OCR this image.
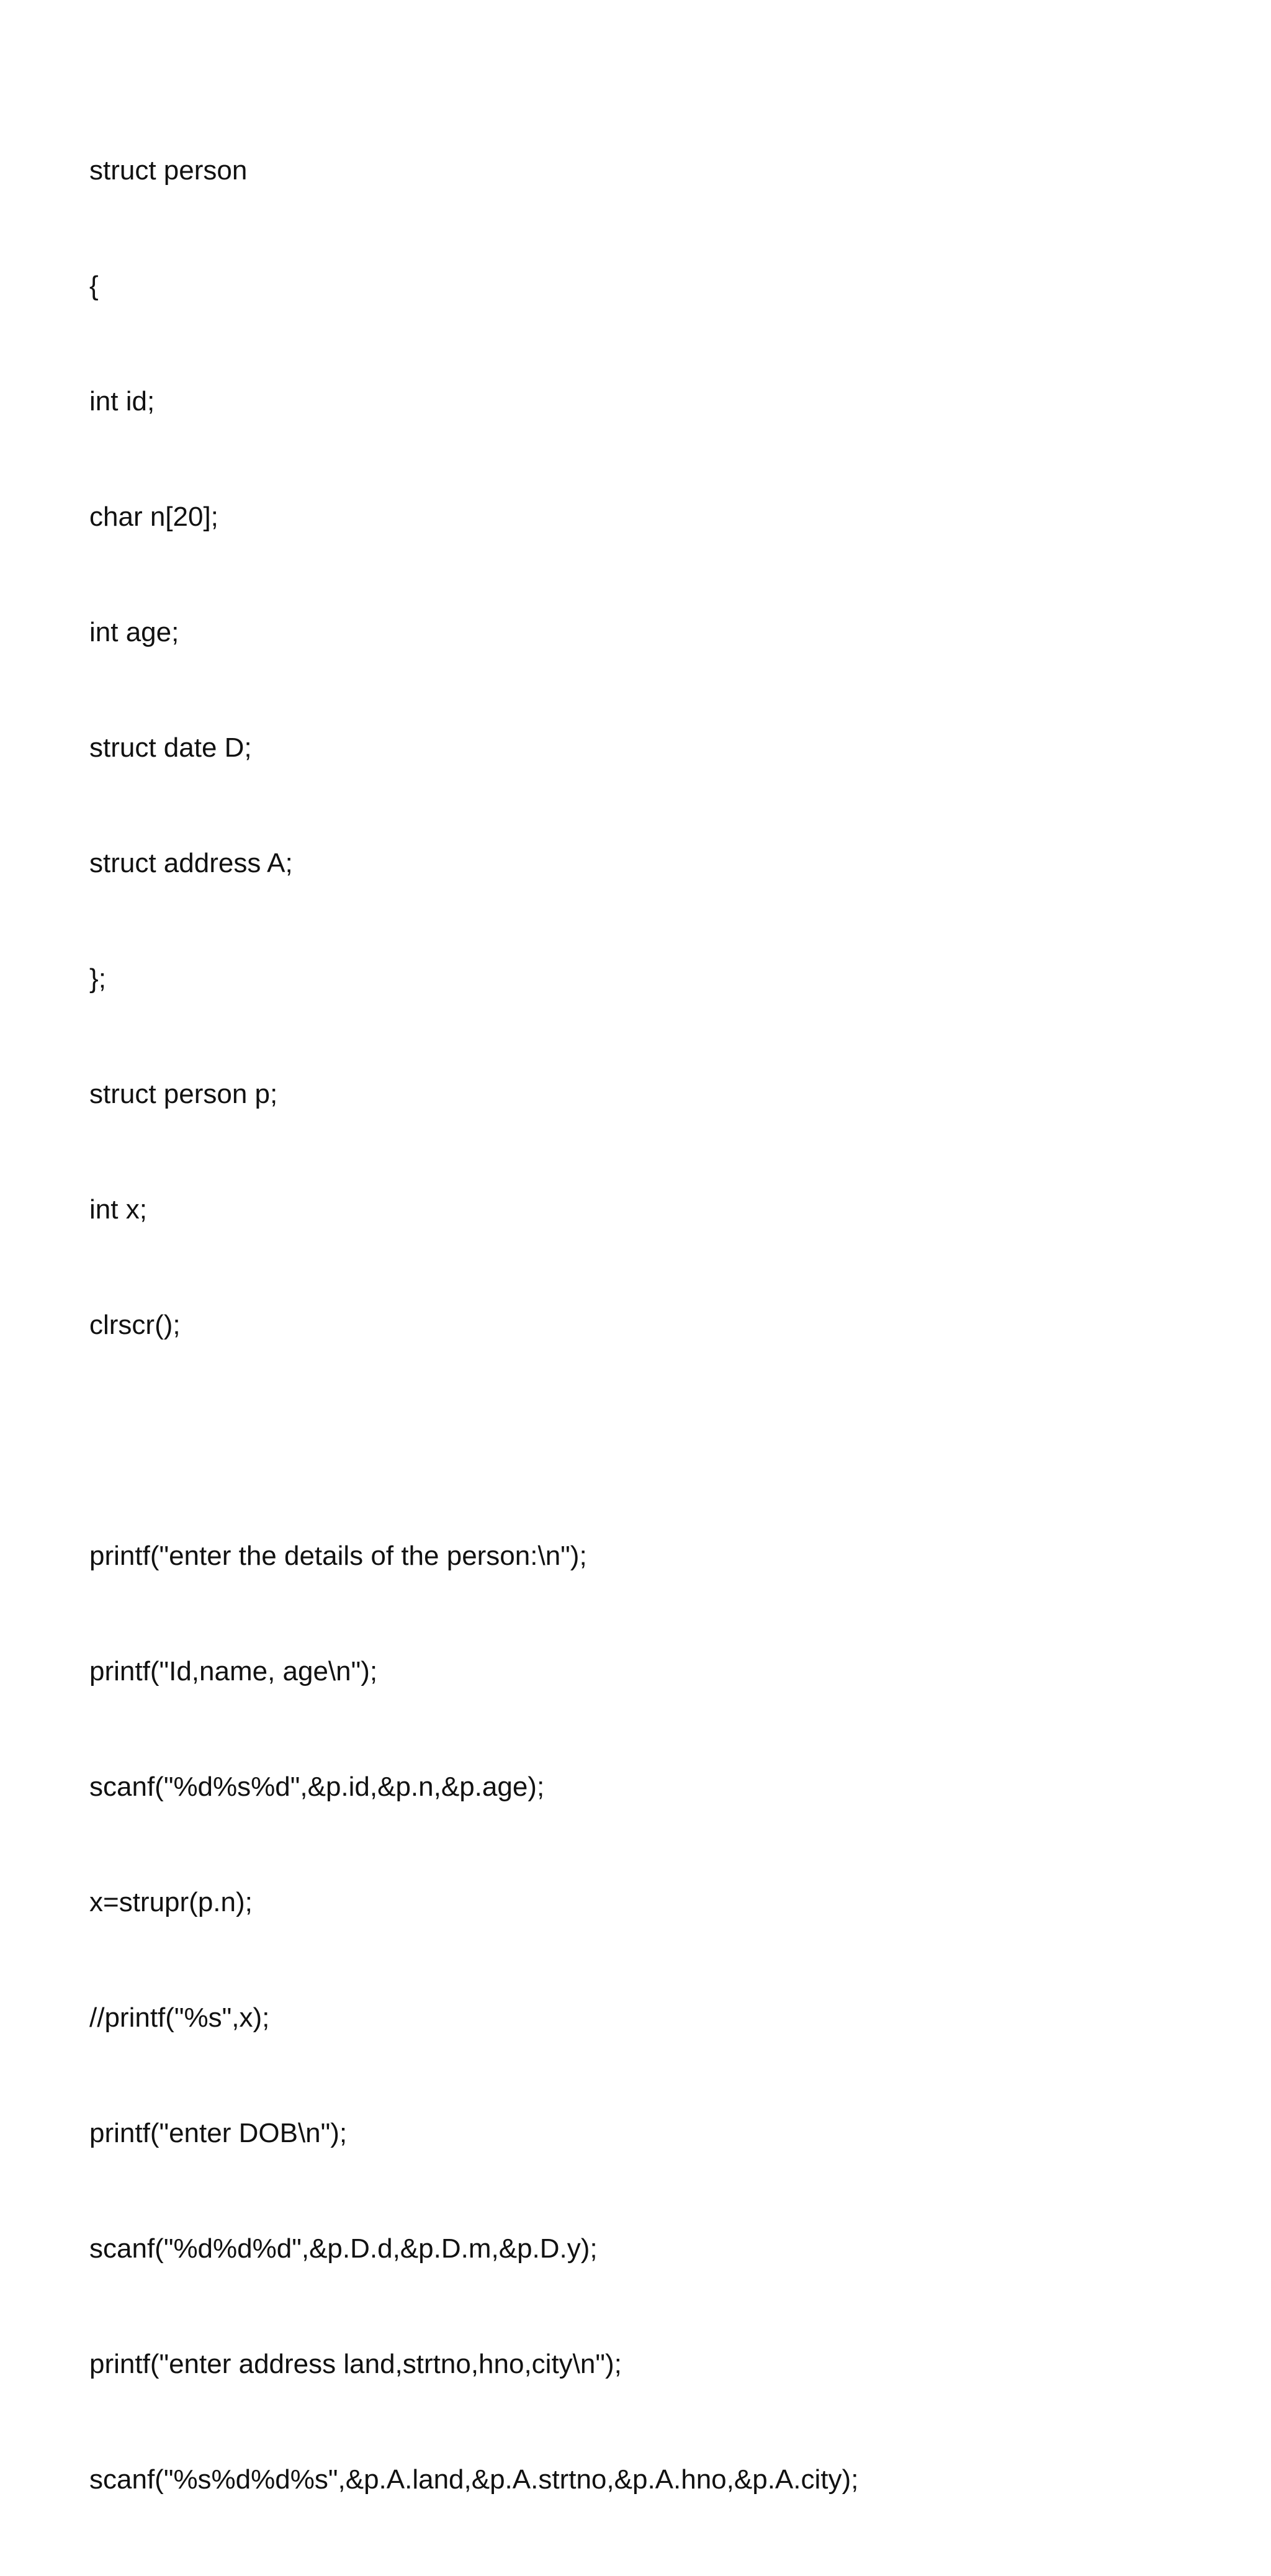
struct person

{

int id;

char n[20];

int age;

struct date D;

struct address A;

};

struct person p;

int x;

clrscr();

printf("enter the details of the person:\n");

printf("Id,name, age\n");

scanf("%d%s%d",&p.id,&p.n,&p.age);

x=strupr(p.n);

//printf("%s",x);

printf("enter DOB\n");

scanf("%d%d%d",&p.D.d,&p.D.m,&p.D.y);

printf("enter address land,strtno,hno,city\n");

scanf("%s%d%d%s",&p.A.land,&p.A.strtno,&p.A.hno,&p.A.city);
